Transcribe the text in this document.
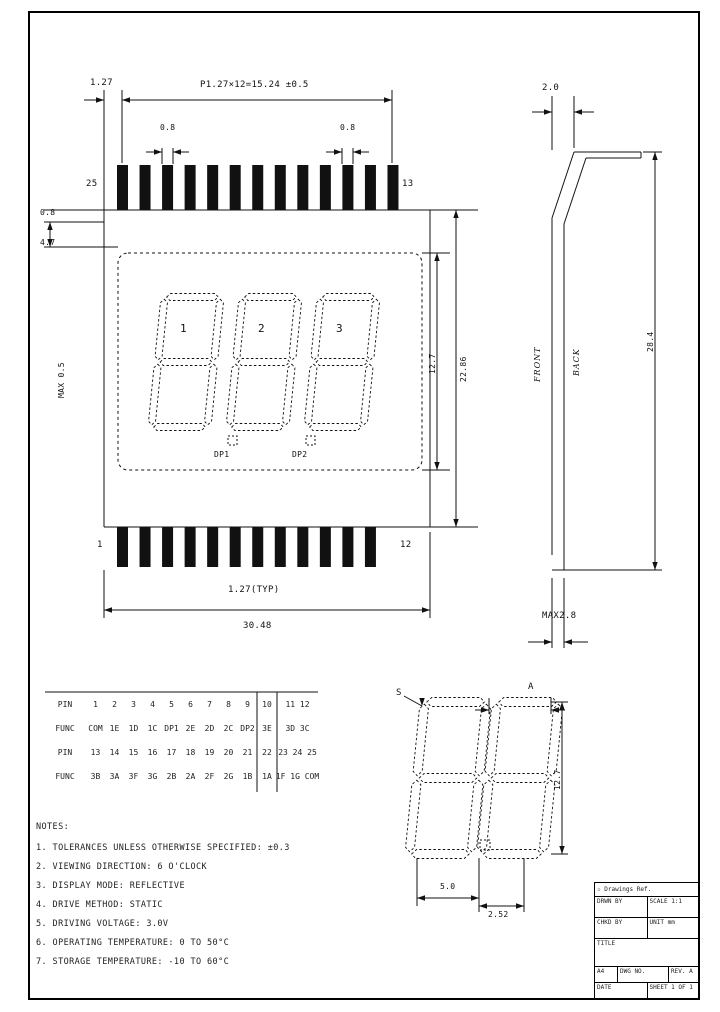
1.27	P1.27×12=15.24 ±0.5
0.8	0.8
25	13
1	12
0.8
4.7
MAX 0.5	12.7	22.86
1.27(TYP)
30.48
1	2	3
DP1	DP2
2.0
FRONT	BACK
28.4
MAX2.8
S
A
12.7
5.0
2.52
NOTES:
1. TOLERANCES UNLESS OTHERWISE SPECIFIED: ±0.3
2. VIEWING DIRECTION: 6 O'CLOCK
3. DISPLAY MODE: REFLECTIVE
4. DRIVE METHOD: STATIC
5. DRIVING VOLTAGE: 3.0V
6. OPERATING TEMPERATURE: 0 TO 50°C
7. STORAGE TEMPERATURE: -10 TO 60°C
PIN	1 2 3 4 5 6 7 8 9 10 11 12
FUNC COM 1E 1D 1C DP1 2E 2D 2C DP2 3E 3D 3C
PIN 13 14 15 16 17 18 19 20 21 22 23 24 25
FUNC 3B 3A 3F 3G 2B 2A 2F 2G 1B 1A 1F 1G COM
✩ Drawings Ref.
DRWN BY	SCALE 1:1
CHKD BY	UNIT mm
TITLE
A4	DWG NO.	REV. A
DATE	SHEET 1 OF 1
